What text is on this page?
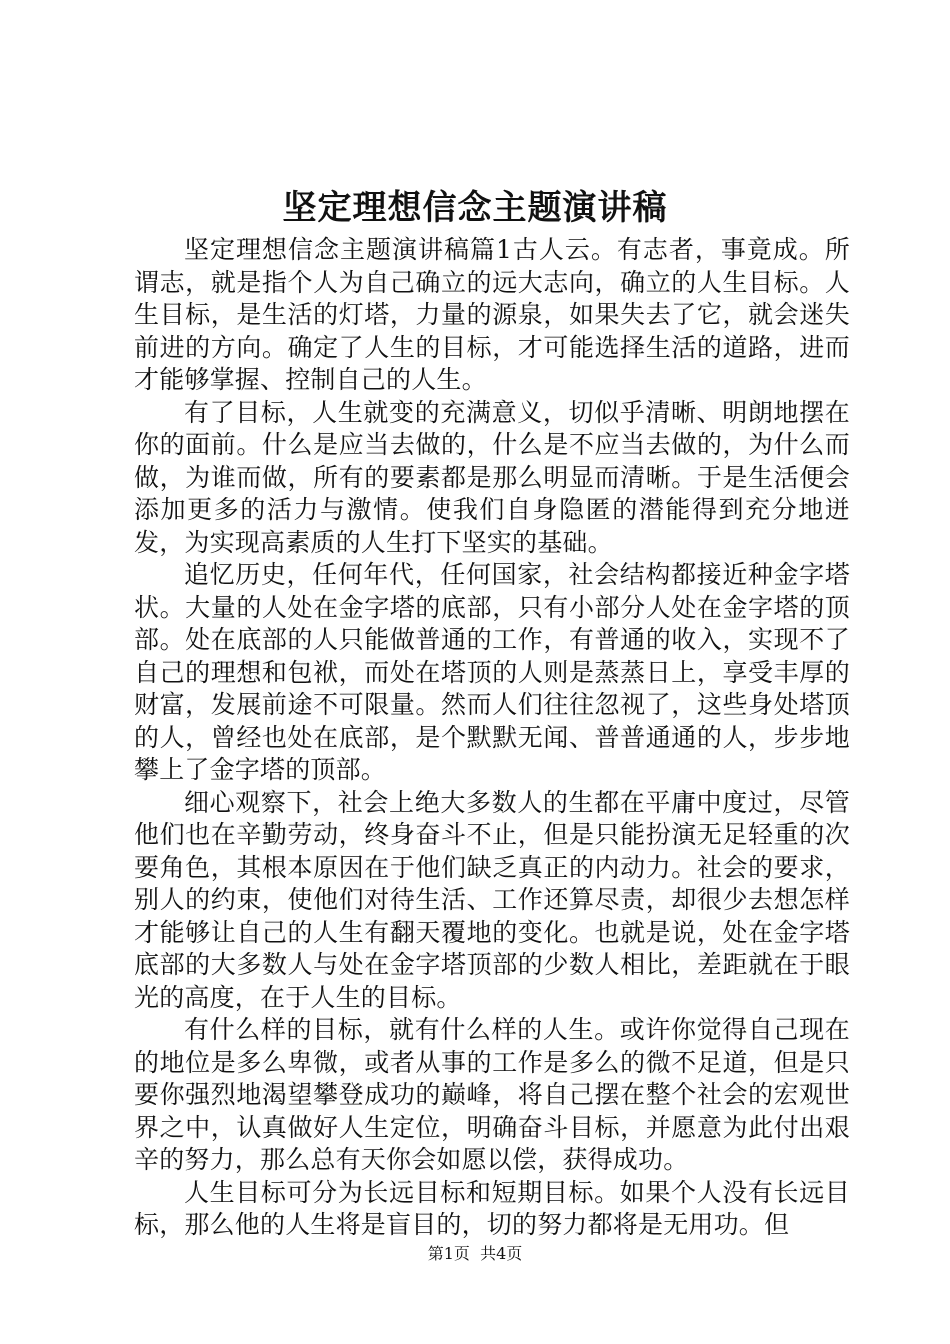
坚定理想信念主题演讲稿

坚定理想信念主题演讲稿篇1古人云。有志者，事竟成。所谓志，就是指个人为自己确立的远大志向，确立的人生目标。人生目标，是生活的灯塔，力量的源泉，如果失去了它，就会迷失前进的方向。确定了人生的目标，才可能选择生活的道路，进而才能够掌握、控制自己的人生。

有了目标，人生就变的充满意义，切似乎清晰、明朗地摆在你的面前。什么是应当去做的，什么是不应当去做的，为什么而做，为谁而做，所有的要素都是那么明显而清晰。于是生活便会添加更多的活力与激情。使我们自身隐匿的潜能得到充分地迸发，为实现高素质的人生打下坚实的基础。

追忆历史，任何年代，任何国家，社会结构都接近种金字塔状。大量的人处在金字塔的底部，只有小部分人处在金字塔的顶部。处在底部的人只能做普通的工作，有普通的收入，实现不了自己的理想和包袱，而处在塔顶的人则是蒸蒸日上，享受丰厚的财富，发展前途不可限量。然而人们往往忽视了，这些身处塔顶的人，曾经也处在底部，是个默默无闻、普普通通的人，步步地攀上了金字塔的顶部。

细心观察下，社会上绝大多数人的生都在平庸中度过，尽管他们也在辛勤劳动，终身奋斗不止，但是只能扮演无足轻重的次要角色，其根本原因在于他们缺乏真正的内动力。社会的要求，别人的约束，使他们对待生活、工作还算尽责，却很少去想怎样才能够让自己的人生有翻天覆地的变化。也就是说，处在金字塔底部的大多数人与处在金字塔顶部的少数人相比，差距就在于眼光的高度，在于人生的目标。

有什么样的目标，就有什么样的人生。或许你觉得自己现在的地位是多么卑微，或者从事的工作是多么的微不足道，但是只要你强烈地渴望攀登成功的巅峰，将自己摆在整个社会的宏观世界之中，认真做好人生定位，明确奋斗目标，并愿意为此付出艰辛的努力，那么总有天你会如愿以偿，获得成功。

人生目标可分为长远目标和短期目标。如果个人没有长远目标，那么他的人生将是盲目的，切的努力都将是无用功。但

第1页 共4页
